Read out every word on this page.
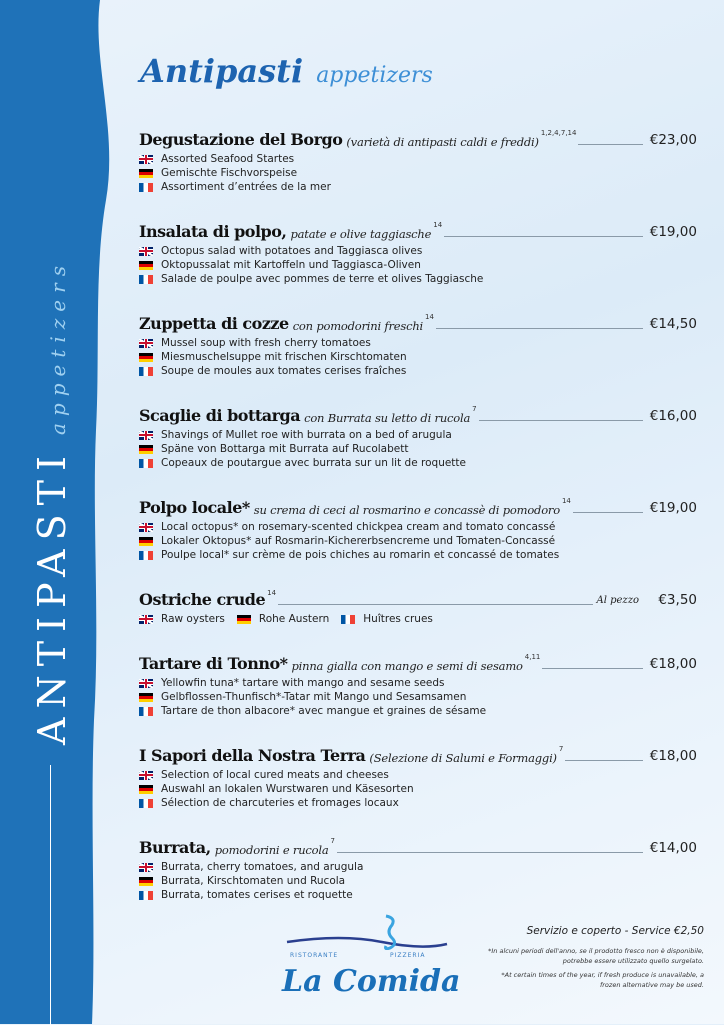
ANTIPASTIappetizers
Antipasti appetizers
Degustazione del Borgo (varietà di antipasti caldi e freddi)
1,2,4,7,14	€23,00
Assorted Seafood Startes
Gemischte Fischvorspeise
Assortiment d’entrées de la mer
Insalata di polpo, patate e olive taggiasche
14	€19,00
Octopus salad with potatoes and Taggiasca olives
Oktopussalat mit Kartoffeln und Taggiasca-Oliven
Salade de poulpe avec pommes de terre et olives Taggiasche
Zuppetta di cozze con pomodorini freschi
14	€14,50
Mussel soup with fresh cherry tomatoes
Miesmuschelsuppe mit frischen Kirschtomaten
Soupe de moules aux tomates cerises fraîches
Scaglie di bottarga con Burrata su letto di rucola
7	€16,00
Shavings of Mullet roe with burrata on a bed of arugula
Späne von Bottarga mit Burrata auf Rucolabett
Copeaux de poutargue avec burrata sur un lit de roquette
Polpo locale* su crema di ceci al rosmarino e concassè di pomodoro
14	€19,00
Local octopus* on rosemary-scented chickpea cream and tomato concassé
Lokaler Oktopus* auf Rosmarin-Kichererbsencreme und Tomaten-Concassé
Poulpe local* sur crème de pois chiches au romarin et concassé de tomates
Ostriche crude 14
Al pezzo	€3,50
Raw oysters	Rohe Austern	Huîtres crues
Tartare di Tonno* pinna gialla con mango e semi di sesamo
4,11	€18,00
Yellowfin tuna* tartare with mango and sesame seeds
Gelbflossen-Thunfisch*-Tatar mit Mango und Sesamsamen
Tartare de thon albacore* avec mangue et graines de sésame
I Sapori della Nostra Terra (Selezione di Salumi e Formaggi)
7	€18,00
Selection of local cured meats and cheeses
Auswahl an lokalen Wurstwaren und Käsesorten
Sélection de charcuteries et fromages locaux
Burrata, pomodorini e rucola
7	€14,00
Burrata, cherry tomatoes, and arugula
Burrata, Kirschtomaten und Rucola
Burrata, tomates cerises et roquette
RISTORANTE	PIZZERIA
La Comida
Servizio e coperto - Service €2,50

*In alcuni periodi dell'anno, se il prodotto fresco non è disponibile, potrebbe essere utilizzato quello surgelato.

*At certain times of the year, if fresh produce is unavailable, a frozen alternative may be used.
